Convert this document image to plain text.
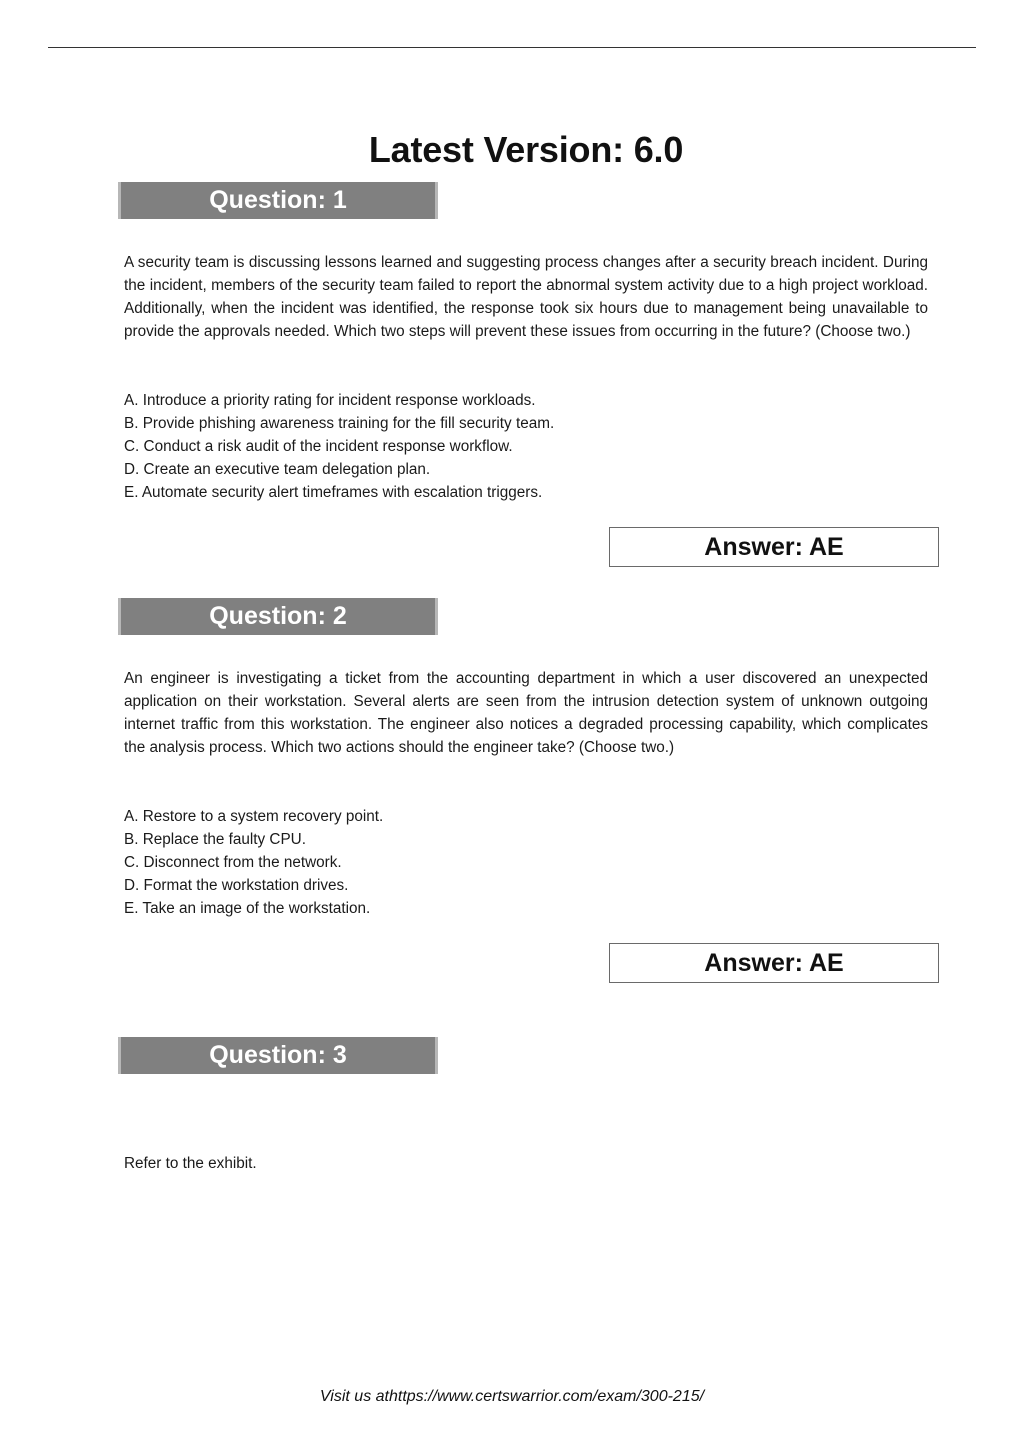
Latest Version: 6.0
Question: 1

A security team is discussing lessons learned and suggesting process changes after a security breach incident. During the incident, members of the security team failed to report the abnormal system activity due to a high project workload. Additionally, when the incident was identified, the response took six hours due to management being unavailable to provide the approvals needed. Which two steps will prevent these issues from occurring in the future? (Choose two.)

A. Introduce a priority rating for incident response workloads.
B. Provide phishing awareness training for the fill security team.
C. Conduct a risk audit of the incident response workflow.
D. Create an executive team delegation plan.
E. Automate security alert timeframes with escalation triggers.
Answer: AE
Question: 2

An engineer is investigating a ticket from the accounting department in which a user discovered an unexpected application on their workstation. Several alerts are seen from the intrusion detection system of unknown outgoing internet traffic from this workstation. The engineer also notices a degraded processing capability, which complicates the analysis process. Which two actions should the engineer take? (Choose two.)

A. Restore to a system recovery point.
B. Replace the faulty CPU.
C. Disconnect from the network.
D. Format the workstation drives.
E. Take an image of the workstation.
Answer: AE
Question: 3

Refer to the exhibit.

Visit us athttps://www.certswarrior.com/exam/300-215/
